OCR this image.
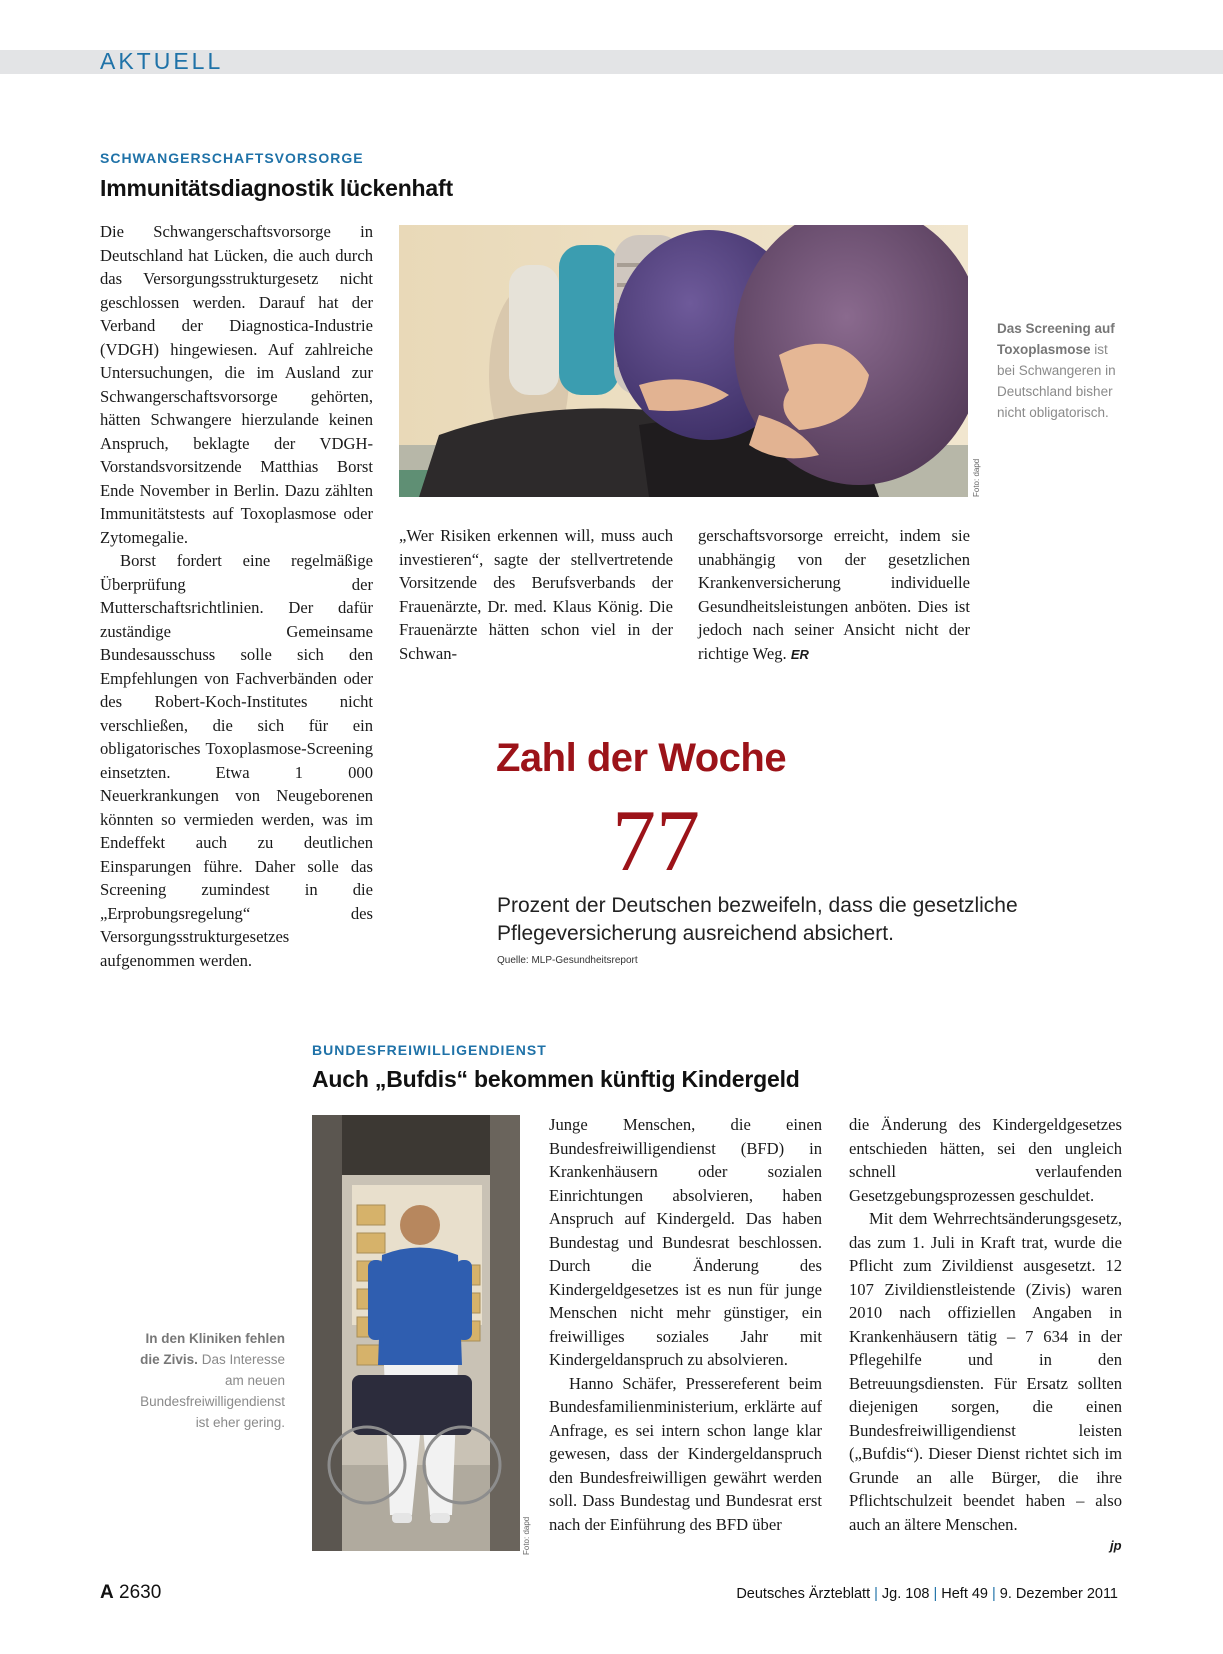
AKTUELL
SCHWANGERSCHAFTSVORSORGE
Immunitätsdiagnostik lückenhaft

Die Schwangerschaftsvorsorge in Deutschland hat Lücken, die auch durch das Versorgungsstrukturgesetz nicht geschlossen werden. Darauf hat der Verband der Diagnostica-Industrie (VDGH) hingewiesen. Auf zahlreiche Untersuchungen, die im Ausland zur Schwangerschaftsvorsorge gehörten, hätten Schwangere hierzulande keinen Anspruch, beklagte der VDGH-Vorstandsvorsitzende Matthias Borst Ende November in Berlin. Dazu zählten Immunitätstests auf Toxoplasmose oder Zytomegalie.

Borst fordert eine regelmäßige Überprüfung der Mutterschaftsrichtlinien. Der dafür zuständige Gemeinsame Bundesausschuss solle sich den Empfehlungen von Fachverbänden oder des Robert-Koch-Institutes nicht verschließen, die sich für ein obligatorisches Toxoplasmose-Screening einsetzten. Etwa 1 000 Neuerkrankungen von Neugeborenen könnten so vermieden werden, was im Endeffekt auch zu deutlichen Einsparungen führe. Daher solle das Screening zumindest in die „Erprobungsregelung“ des Versorgungsstrukturgesetzes aufgenommen werden.

Foto: dapd
Das Screening auf Toxoplasmose ist bei Schwangeren in Deutschland bisher nicht obligatorisch.

„Wer Risiken erkennen will, muss auch investieren“, sagte der stellvertretende Vorsitzende des Berufsverbands der Frauenärzte, Dr. med. Klaus König. Die Frauenärzte hätten schon viel in der Schwan-

gerschaftsvorsorge erreicht, indem sie unabhängig von der gesetzlichen Krankenversicherung individuelle Gesundheitsleistungen anböten. Dies ist jedoch nach seiner Ansicht nicht der richtige Weg. ER

Zahl der Woche
77
Prozent der Deutschen bezweifeln, dass die gesetzliche Pflegeversicherung ausreichend absichert.
Quelle: MLP-Gesundheitsreport
BUNDESFREIWILLIGENDIENST
Auch „Bufdis“ bekommen künftig Kindergeld
Foto: dapd
In den Kliniken fehlen die Zivis. Das Interesse am neuen Bundesfreiwilligendienst ist eher gering.

Junge Menschen, die einen Bundesfreiwilligendienst (BFD) in Krankenhäusern oder sozialen Einrichtungen absolvieren, haben Anspruch auf Kindergeld. Das haben Bundestag und Bundesrat beschlossen. Durch die Änderung des Kindergeldgesetzes ist es nun für junge Menschen nicht mehr günstiger, ein freiwilliges soziales Jahr mit Kindergeldanspruch zu absolvieren.

Hanno Schäfer, Pressereferent beim Bundesfamilienministerium, erklärte auf Anfrage, es sei intern schon lange klar gewesen, dass der Kindergeldanspruch den Bundesfreiwilligen gewährt werden soll. Dass Bundestag und Bundesrat erst nach der Einführung des BFD über

die Änderung des Kindergeldgesetzes entschieden hätten, sei den ungleich schnell verlaufenden Gesetzgebungsprozessen geschuldet.

Mit dem Wehrrechtsänderungsgesetz, das zum 1. Juli in Kraft trat, wurde die Pflicht zum Zivildienst ausgesetzt. 12 107 Zivildienstleistende (Zivis) waren 2010 nach offiziellen Angaben in Krankenhäusern tätig – 7 634 in der Pflegehilfe und in den Betreuungsdiensten. Für Ersatz sollten diejenigen sorgen, die einen Bundesfreiwilligendienst leisten („Bufdis“). Dieser Dienst richtet sich im Grunde an alle Bürger, die ihre Pflichtschulzeit beendet haben – also auch an ältere Menschen.

jp
A 2630	Deutsches Ärzteblatt | Jg. 108 | Heft 49 | 9. Dezember 2011
